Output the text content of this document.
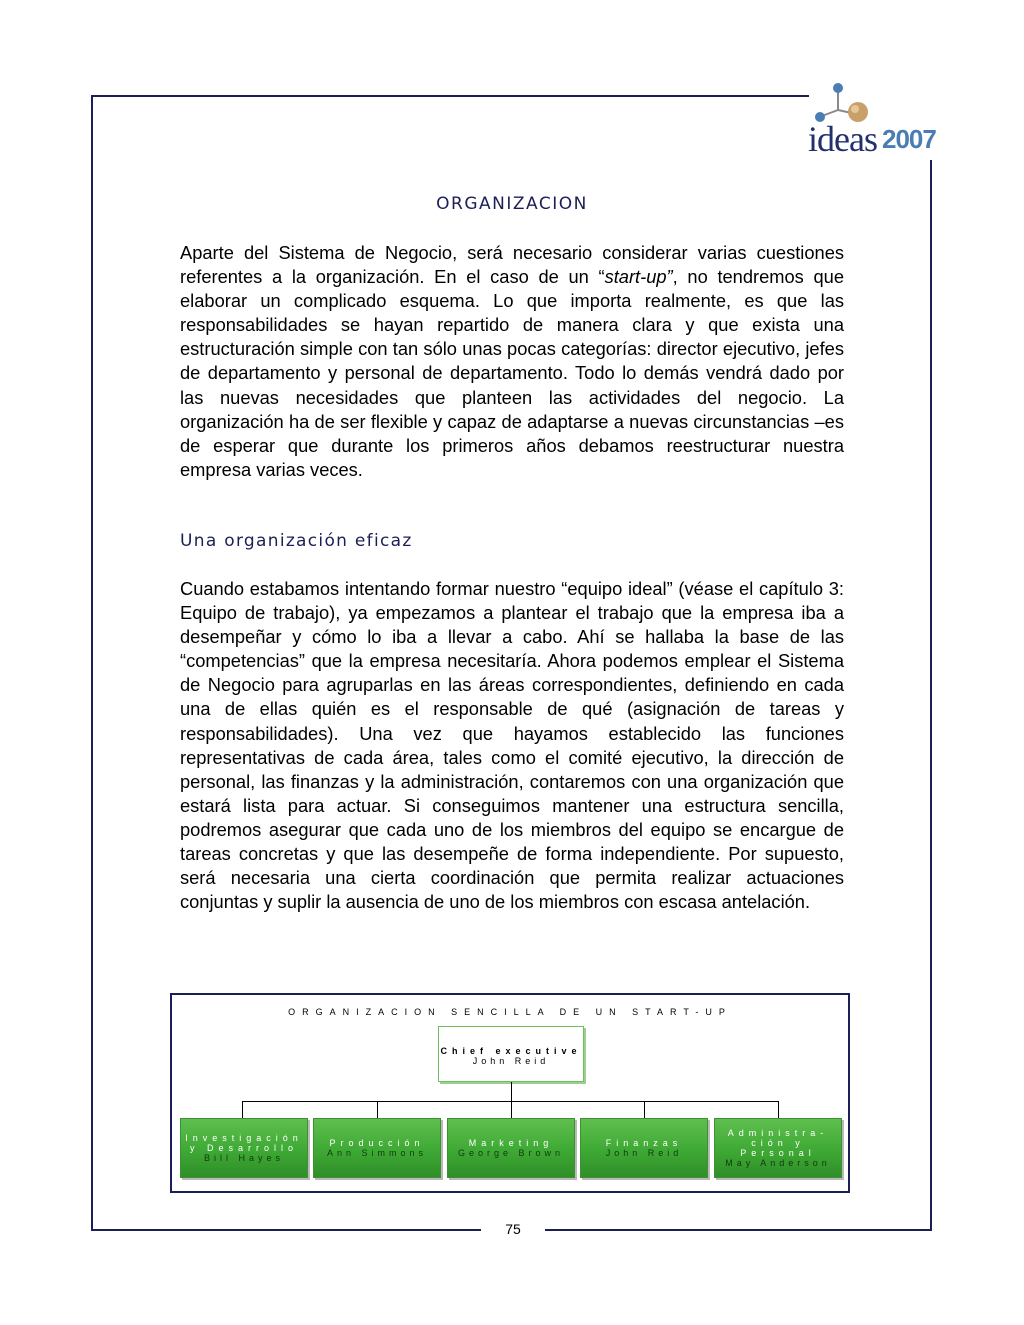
ideas 2007
ORGANIZACION

Aparte del Sistema de Negocio, será necesario considerar varias cuestiones referentes a la organización. En el caso de un “start-up”, no tendremos que elaborar un complicado esquema. Lo que importa realmente, es que las responsabilidades se hayan repartido de manera clara y que exista una estructuración simple con tan sólo unas pocas categorías: director ejecutivo, jefes de departamento y personal de departamento. Todo lo demás vendrá dado por las nuevas necesidades que planteen las actividades del negocio. La organización ha de ser flexible y capaz de adaptarse a nuevas circunstancias –es de esperar que durante los primeros años debamos reestructurar nuestra empresa varias veces.

Una organización eficaz

Cuando estabamos intentando formar nuestro “equipo ideal” (véase el capítulo 3: Equipo de trabajo), ya empezamos a plantear el trabajo que la empresa iba a desempeñar y cómo lo iba a llevar a cabo. Ahí se hallaba la base de las “competencias” que la empresa necesitaría. Ahora podemos emplear el Sistema de Negocio para agruparlas en las áreas correspondientes, definiendo en cada una de ellas quién es el responsable de qué (asignación de tareas y responsabilidades). Una vez que hayamos establecido las funciones representativas de cada área, tales como el comité ejecutivo, la dirección de personal, las finanzas y la administración, contaremos con una organización que estará lista para actuar. Si conseguimos mantener una estructura sencilla, podremos asegurar que cada uno de los miembros del equipo se encargue de tareas concretas y que las desempeñe de forma independiente. Por supuesto, será necesaria una cierta coordinación que permita realizar actuaciones conjuntas y suplir la ausencia de uno de los miembros con escasa antelación.

ORGANIZACION SENCILLA DE UN START-UP
Chief executive
John Reid
Investigación y Desarrollo
Bill Hayes
Producción
Ann Simmons
Marketing
George Brown
Finanzas
John Reid
Administra-ción y Personal
May Anderson
75
